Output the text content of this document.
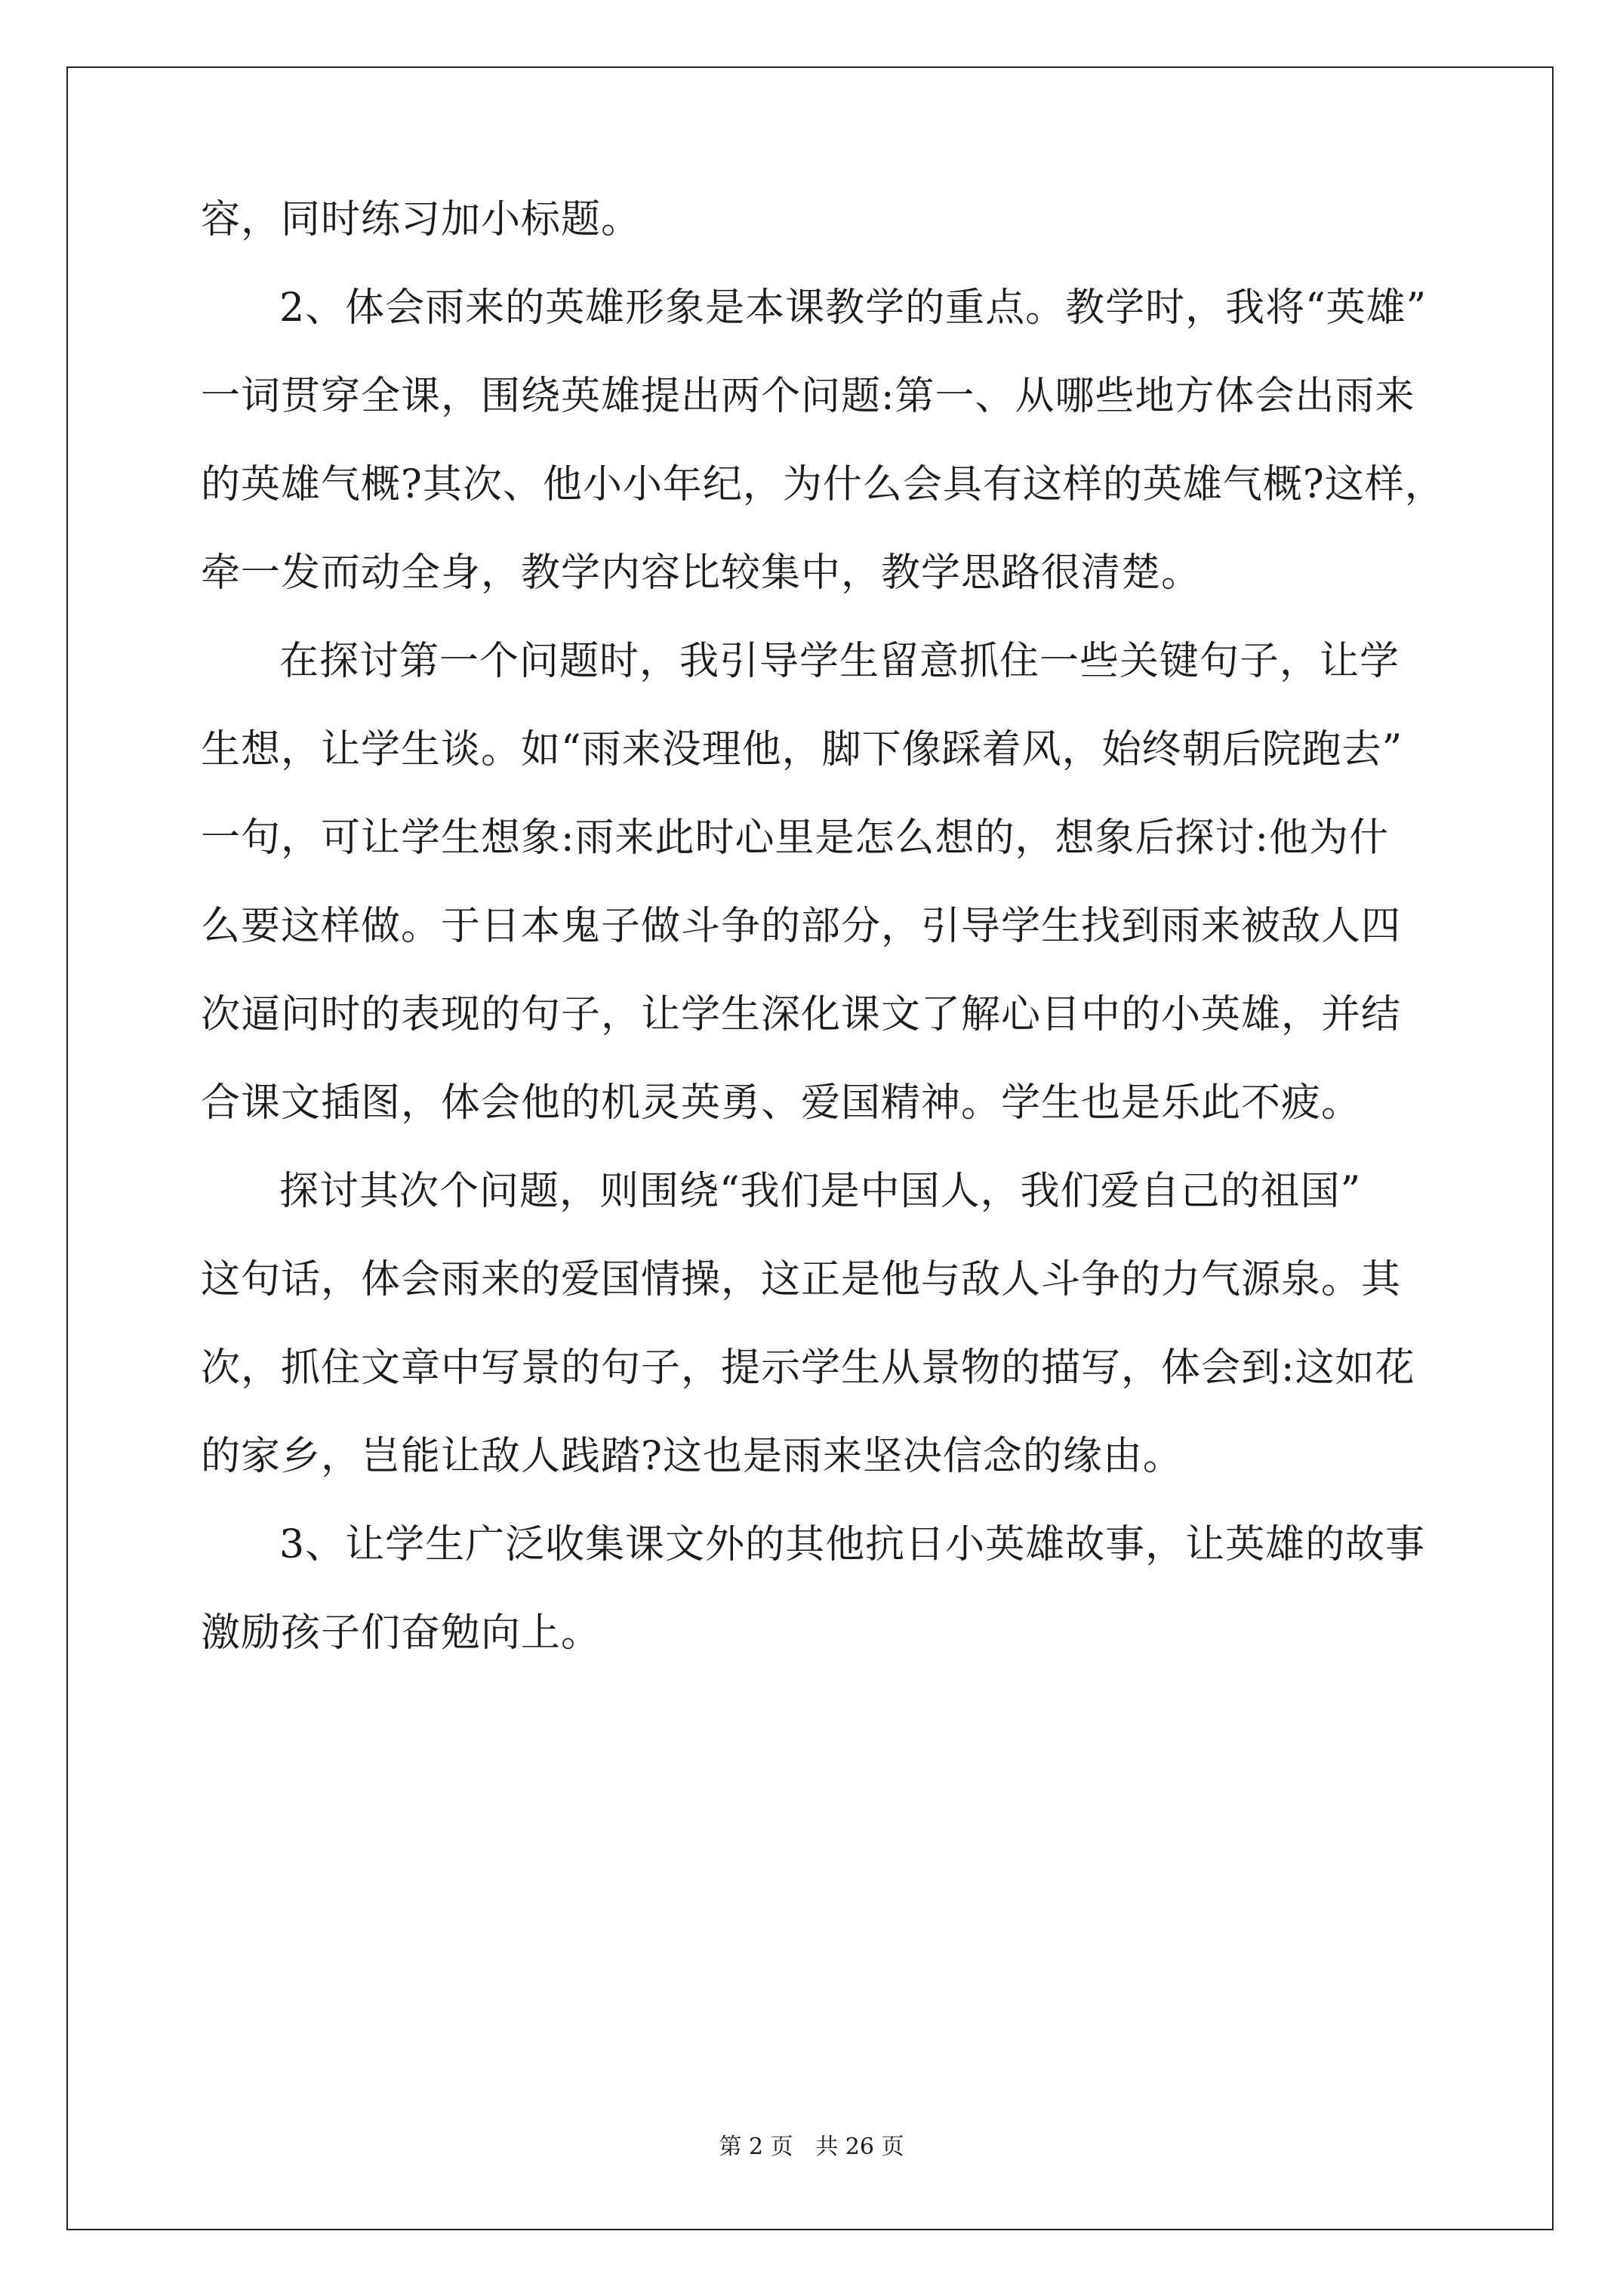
容，同时练习加小标题。
2、体会雨来的英雄形象是本课教学的重点。教学时，我将“英雄”
一词贯穿全课，围绕英雄提出两个问题:第一、从哪些地方体会出雨来
的英雄气概?其次、他小小年纪，为什么会具有这样的英雄气概?这样，
牵一发而动全身，教学内容比较集中，教学思路很清楚。
在探讨第一个问题时，我引导学生留意抓住一些关键句子，让学
生想，让学生谈。如“雨来没理他，脚下像踩着风，始终朝后院跑去”
一句，可让学生想象:雨来此时心里是怎么想的，想象后探讨:他为什
么要这样做。于日本鬼子做斗争的部分，引导学生找到雨来被敌人四
次逼问时的表现的句子，让学生深化课文了解心目中的小英雄，并结
合课文插图，体会他的机灵英勇、爱国精神。学生也是乐此不疲。
探讨其次个问题，则围绕“我们是中国人，我们爱自己的祖国”
这句话，体会雨来的爱国情操，这正是他与敌人斗争的力气源泉。其
次，抓住文章中写景的句子，提示学生从景物的描写，体会到:这如花
的家乡，岂能让敌人践踏?这也是雨来坚决信念的缘由。
3、让学生广泛收集课文外的其他抗日小英雄故事，让英雄的故事
激励孩子们奋勉向上。
第 2 页 共 26 页
